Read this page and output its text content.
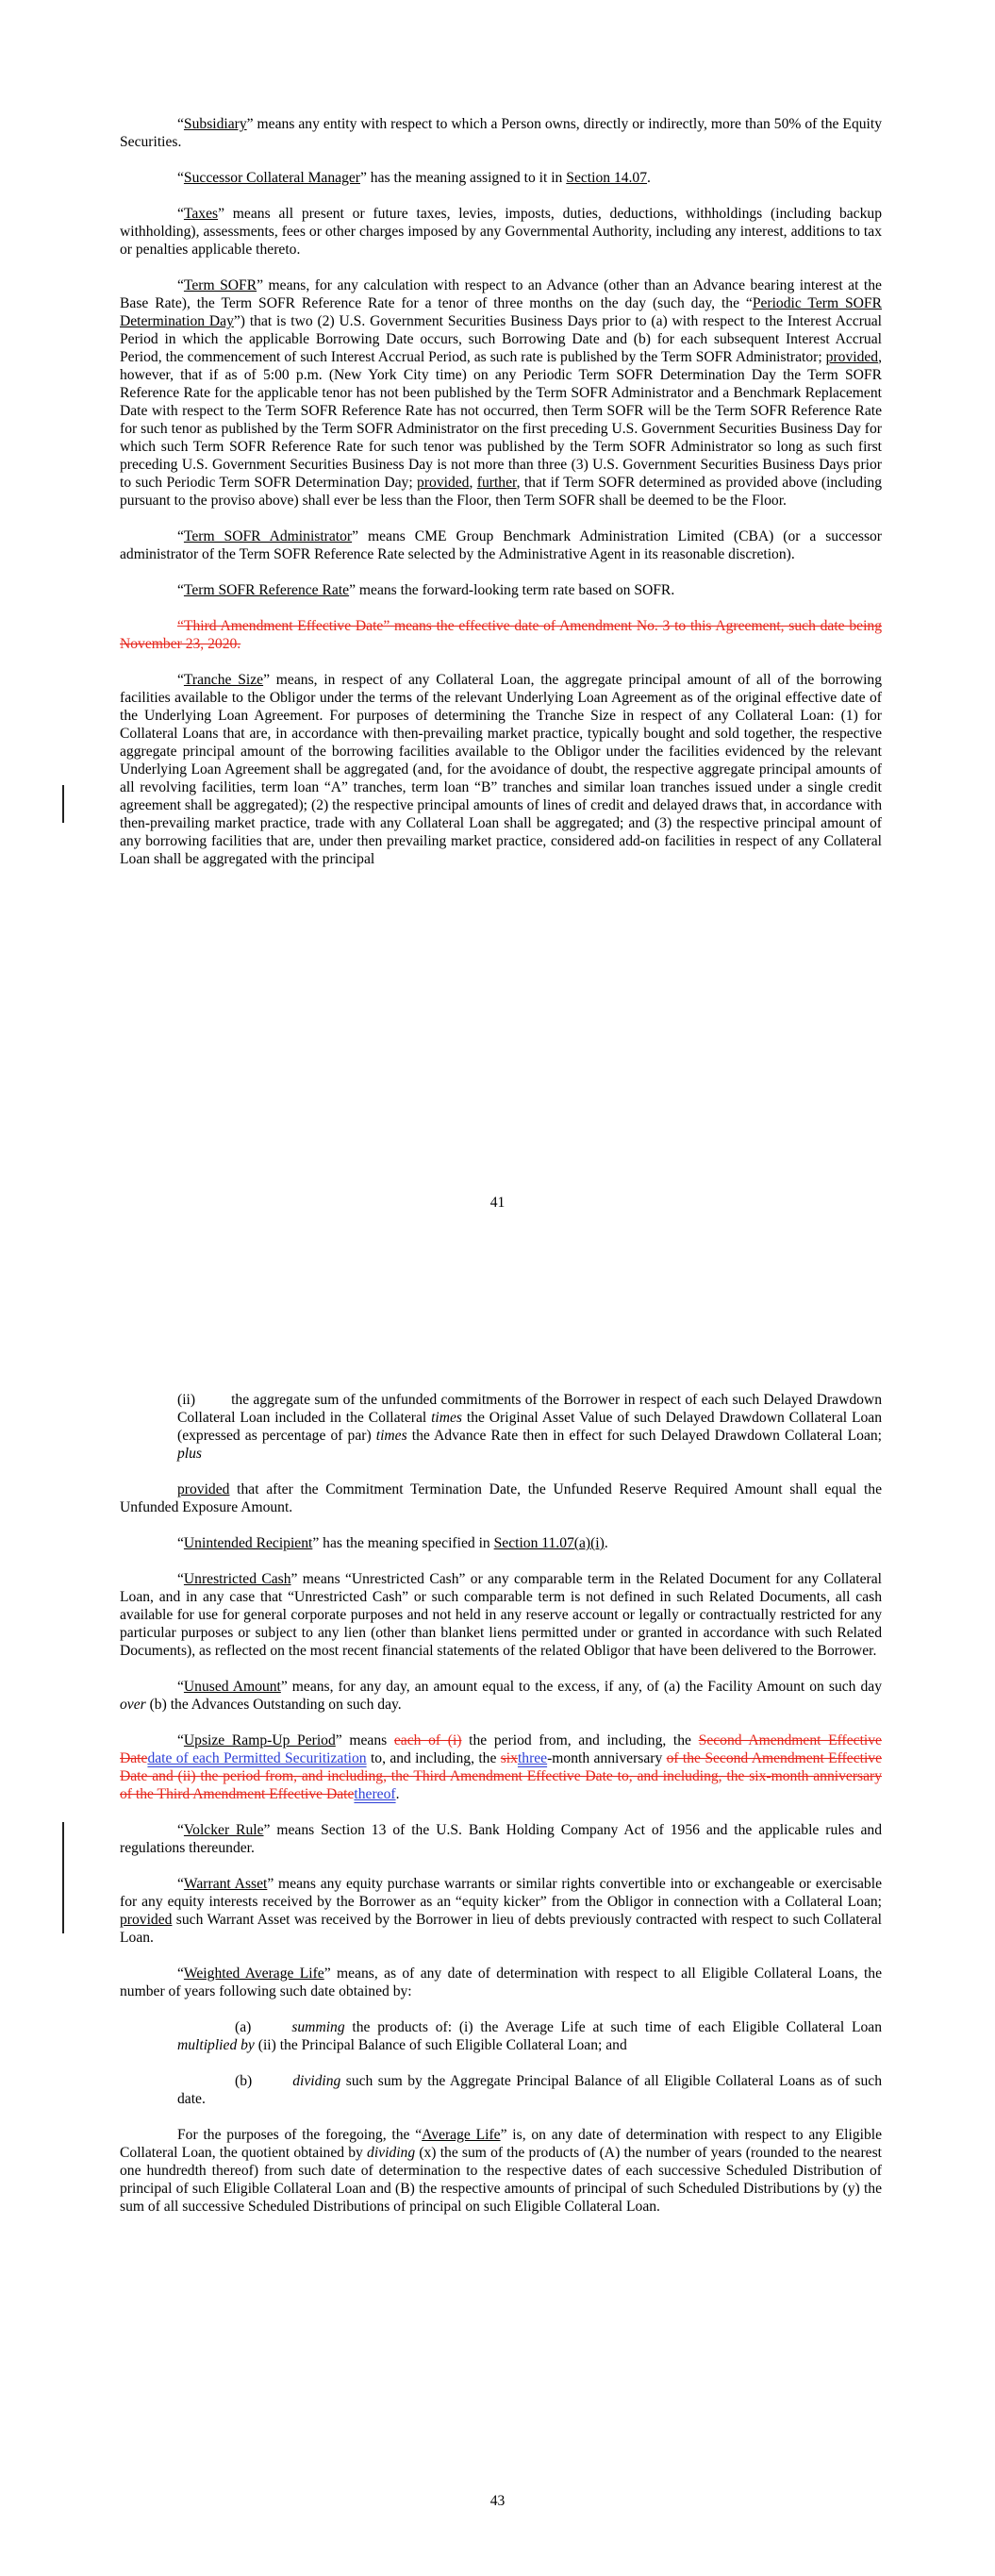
“Subsidiary” means any entity with respect to which a Person owns, directly or indirectly, more than 50% of the Equity Securities.

“Successor Collateral Manager” has the meaning assigned to it in Section 14.07.

“Taxes” means all present or future taxes, levies, imposts, duties, deductions, withholdings (including backup withholding), assessments, fees or other charges imposed by any Governmental Authority, including any interest, additions to tax or penalties applicable thereto.

“Term SOFR” means, for any calculation with respect to an Advance (other than an Advance bearing interest at the Base Rate), the Term SOFR Reference Rate for a tenor of three months on the day (such day, the “Periodic Term SOFR Determination Day”) that is two (2) U.S. Government Securities Business Days prior to (a) with respect to the Interest Accrual Period in which the applicable Borrowing Date occurs, such Borrowing Date and (b) for each subsequent Interest Accrual Period, the commencement of such Interest Accrual Period, as such rate is published by the Term SOFR Administrator; provided, however, that if as of 5:00 p.m. (New York City time) on any Periodic Term SOFR Determination Day the Term SOFR Reference Rate for the applicable tenor has not been published by the Term SOFR Administrator and a Benchmark Replacement Date with respect to the Term SOFR Reference Rate has not occurred, then Term SOFR will be the Term SOFR Reference Rate for such tenor as published by the Term SOFR Administrator on the first preceding U.S. Government Securities Business Day for which such Term SOFR Reference Rate for such tenor was published by the Term SOFR Administrator so long as such first preceding U.S. Government Securities Business Day is not more than three (3) U.S. Government Securities Business Days prior to such Periodic Term SOFR Determination Day; provided, further, that if Term SOFR determined as provided above (including pursuant to the proviso above) shall ever be less than the Floor, then Term SOFR shall be deemed to be the Floor.

“Term SOFR Administrator” means CME Group Benchmark Administration Limited (CBA) (or a successor administrator of the Term SOFR Reference Rate selected by the Administrative Agent in its reasonable discretion).

“Term SOFR Reference Rate” means the forward-looking term rate based on SOFR.

“Third Amendment Effective Date” means the effective date of Amendment No. 3 to this Agreement, such date being November 23, 2020.

“Tranche Size” means, in respect of any Collateral Loan, the aggregate principal amount of all of the borrowing facilities available to the Obligor under the terms of the relevant Underlying Loan Agreement as of the original effective date of the Underlying Loan Agreement. For purposes of determining the Tranche Size in respect of any Collateral Loan: (1) for Collateral Loans that are, in accordance with then-prevailing market practice, typically bought and sold together, the respective aggregate principal amount of the borrowing facilities available to the Obligor under the facilities evidenced by the relevant Underlying Loan Agreement shall be aggregated (and, for the avoidance of doubt, the respective aggregate principal amounts of all revolving facilities, term loan “A” tranches, term loan “B” tranches and similar loan tranches issued under a single credit agreement shall be aggregated); (2) the respective principal amounts of lines of credit and delayed draws that, in accordance with then-prevailing market practice, trade with any Collateral Loan shall be aggregated; and (3) the respective principal amount of any borrowing facilities that are, under then prevailing market practice, considered add-on facilities in respect of any Collateral Loan shall be aggregated with the principal

41

(ii) the aggregate sum of the unfunded commitments of the Borrower in respect of each such Delayed Drawdown Collateral Loan included in the Collateral times the Original Asset Value of such Delayed Drawdown Collateral Loan (expressed as percentage of par) times the Advance Rate then in effect for such Delayed Drawdown Collateral Loan; plus

provided that after the Commitment Termination Date, the Unfunded Reserve Required Amount shall equal the Unfunded Exposure Amount.

“Unintended Recipient” has the meaning specified in Section 11.07(a)(i).

“Unrestricted Cash” means “Unrestricted Cash” or any comparable term in the Related Document for any Collateral Loan, and in any case that “Unrestricted Cash” or such comparable term is not defined in such Related Documents, all cash available for use for general corporate purposes and not held in any reserve account or legally or contractually restricted for any particular purposes or subject to any lien (other than blanket liens permitted under or granted in accordance with such Related Documents), as reflected on the most recent financial statements of the related Obligor that have been delivered to the Borrower.

“Unused Amount” means, for any day, an amount equal to the excess, if any, of (a) the Facility Amount on such day over (b) the Advances Outstanding on such day.

“Upsize Ramp-Up Period” means each of (i) the period from, and including, the Second Amendment Effective Datedate of each Permitted Securitization to, and including, the sixthree-month anniversary of the Second Amendment Effective Date and (ii) the period from, and including, the Third Amendment Effective Date to, and including, the six-month anniversary of the Third Amendment Effective Datethereof.

“Volcker Rule” means Section 13 of the U.S. Bank Holding Company Act of 1956 and the applicable rules and regulations thereunder.

“Warrant Asset” means any equity purchase warrants or similar rights convertible into or exchangeable or exercisable for any equity interests received by the Borrower as an “equity kicker” from the Obligor in connection with a Collateral Loan; provided such Warrant Asset was received by the Borrower in lieu of debts previously contracted with respect to such Collateral Loan.

“Weighted Average Life” means, as of any date of determination with respect to all Eligible Collateral Loans, the number of years following such date obtained by:

(a)	summing the products of: (i) the Average Life at such time of each Eligible Collateral Loan multiplied by (ii) the Principal Balance of such Eligible Collateral Loan; and

(b)	dividing such sum by the Aggregate Principal Balance of all Eligible Collateral Loans as of such date.

For the purposes of the foregoing, the “Average Life” is, on any date of determination with respect to any Eligible Collateral Loan, the quotient obtained by dividing (x) the sum of the products of (A) the number of years (rounded to the nearest one hundredth thereof) from such date of determination to the respective dates of each successive Scheduled Distribution of principal of such Eligible Collateral Loan and (B) the respective amounts of principal of such Scheduled Distributions by (y) the sum of all successive Scheduled Distributions of principal on such Eligible Collateral Loan.

43
